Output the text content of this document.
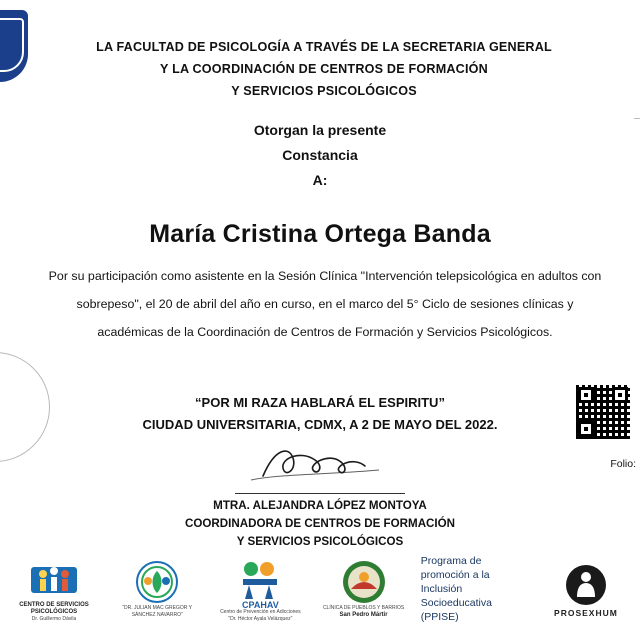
LA FACULTAD DE PSICOLOGÍA A TRAVÉS DE LA SECRETARIA GENERAL
Y LA COORDINACIÓN DE CENTROS DE FORMACIÓN
Y SERVICIOS PSICOLÓGICOS
Otorgan la presente
Constancia
A:
María Cristina Ortega Banda
Por su participación como asistente en la Sesión Clínica "Intervención telepsicológica en adultos con sobrepeso", el 20 de abril del año en curso, en el marco del 5° Ciclo de sesiones clínicas y académicas de la Coordinación de Centros de Formación y Servicios Psicológicos.
“POR MI RAZA HABLARÁ EL ESPIRITU”
CIUDAD UNIVERSITARIA, CDMX, A 2 DE MAYO DEL 2022.
Folio:
MTRA. ALEJANDRA LÓPEZ MONTOYA
COORDINADORA DE CENTROS DE FORMACIÓN
Y SERVICIOS PSICOLÓGICOS
CENTRO DE SERVICIOS
PSICOLÓGICOS
Dr. Guillermo Dávila
“DR. JULIAN MAC GREGOR Y
SÁNCHEZ NAVARRO”
CPAHAV
Centro de Prevención en Adicciones
"Dr. Héctor Ayala Velázquez"
CLÍNICA DE PUEBLOS Y BARRIOS
San Pedro Mártir
Programa de
promoción a la
Inclusión
Socioeducativa
(PPISE)	PROSEXHUM
